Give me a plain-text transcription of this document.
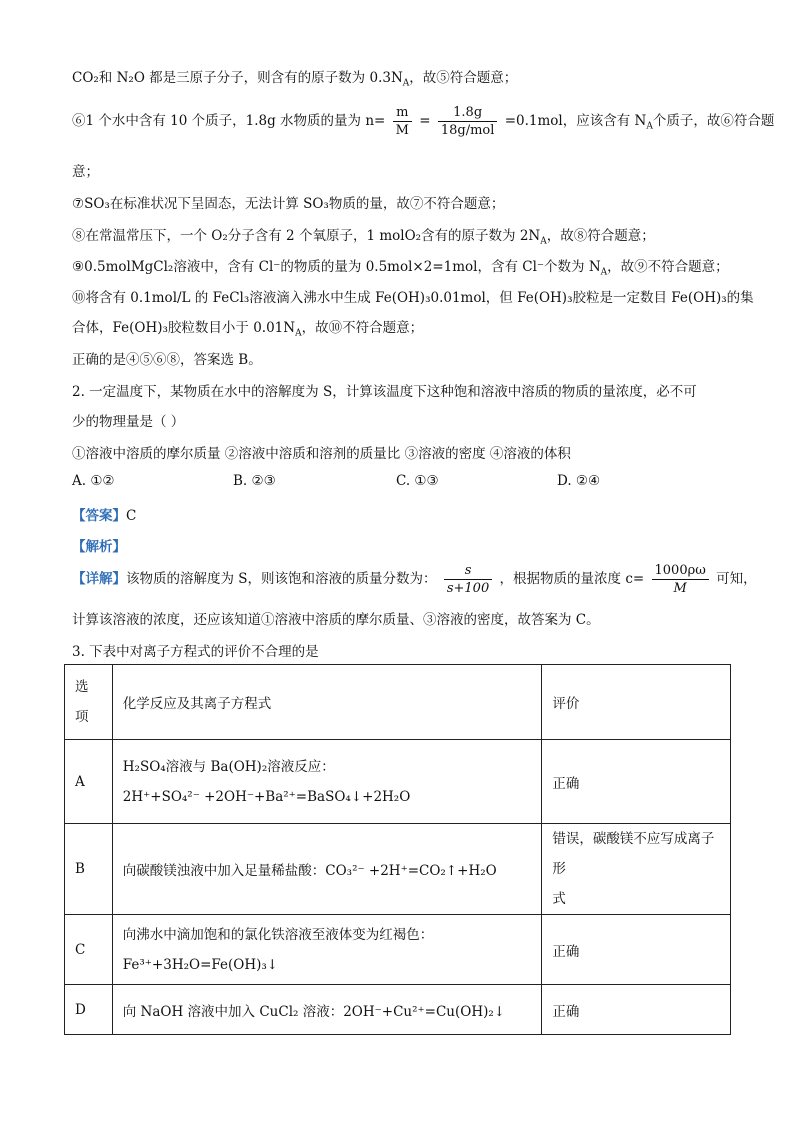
CO₂和 N₂O 都是三原子分子，则含有的原子数为 $0.3N_A$，故⑤符合题意；
⑥1 个水中含有 10 个质子，1.8g 水物质的量为 $n= \frac{m}{M} = \frac{1.8g}{\text{18g/mol}} =0.1mol$，应该含有 $N_A$个质子，故⑥符合题
意；
⑦SO₃在标准状况下呈固态，无法计算 SO₃物质的量，故⑦不符合题意；
⑧在常温常压下，一个 O₂分子含有 2 个氧原子，1 molO₂含有的原子数为 $2N_A$，故⑧符合题意；
⑨0.5molMgCl₂溶液中，含有 Cl⁻的物质的量为 0.5mol×2=1mol，含有 Cl⁻个数为 $N_A$，故⑨不符合题意；
⑩将含有 0.1mol/L 的 FeCl₃溶液滴入沸水中生成 Fe(OH)₃0.01mol，但 Fe(OH)₃胶粒是一定数目 Fe(OH)₃的集
合体，Fe(OH)₃胶粒数目小于 $0.01N_A$，故⑩不符合题意；
正确的是④⑤⑥⑧，答案选 B。
2. 一定温度下，某物质在水中的溶解度为 S，计算该温度下这种饱和溶液中溶质的物质的量浓度，必不可
少的物理量是（ ）
①溶液中溶质的摩尔质量 ②溶液中溶质和溶剂的质量比 ③溶液的密度 ④溶液的体积
A. ①②	B. ②③	C. ①③	D. ②④
【答案】C
【解析】
【详解】该物质的溶解度为 S，则该饱和溶液的质量分数为： $\frac{s}{s+100}$ ，根据物质的量浓度 $c= \frac{1000\rho\omega}{M}$ 可知，
计算该溶液的浓度，还应该知道①溶液中溶质的摩尔质量、③溶液的密度，故答案为 C。
3. 下表中对离子方程式的评价不合理的是
选
项	化学反应及其离子方程式	评价
A	H₂SO₄溶液与 Ba(OH)₂溶液反应：
2H⁺+SO₄²⁻ +2OH⁻+Ba²⁺=BaSO₄↓+2H₂O	正确
B	向碳酸镁浊液中加入足量稀盐酸：CO₃²⁻ +2H⁺=CO₂↑+H₂O	错误，碳酸镁不应写成离子形
式

C	向沸水中滴加饱和的氯化铁溶液至液体变为红褐色：
Fe³⁺+3H₂O=Fe(OH)₃↓	正确
D	向 NaOH 溶液中加入 CuCl₂ 溶液：2OH⁻+Cu²⁺=Cu(OH)₂↓	正确
